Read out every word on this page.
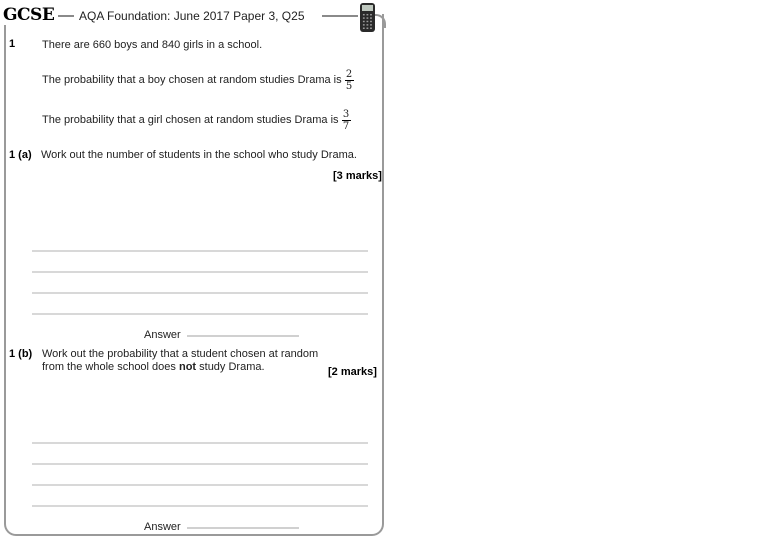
GCSE	AQA Foundation: June 2017 Paper 3, Q25
1 There are 660 boys and 840 girls in a school.
The probability that a boy chosen at random studies Drama is $\frac{2}{5}$
The probability that a girl chosen at random studies Drama is $\frac{3}{7}$
1 (a) Work out the number of students in the school who study Drama.
[3 marks]
Answer
1 (b) Work out the probability that a student chosen at random
from the whole school does not study Drama.	[2 marks]
Answer
